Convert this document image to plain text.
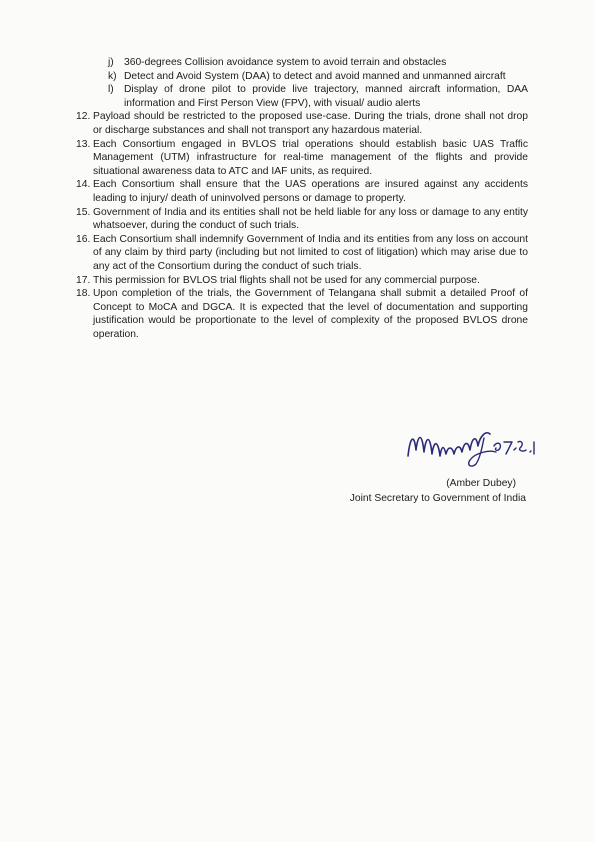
j) 360-degrees Collision avoidance system to avoid terrain and obstacles
k) Detect and Avoid System (DAA) to detect and avoid manned and unmanned aircraft
l) Display of drone pilot to provide live trajectory, manned aircraft information, DAA information and First Person View (FPV), with visual/ audio alerts
12. Payload should be restricted to the proposed use-case. During the trials, drone shall not drop or discharge substances and shall not transport any hazardous material.
13. Each Consortium engaged in BVLOS trial operations should establish basic UAS Traffic Management (UTM) infrastructure for real-time management of the flights and provide situational awareness data to ATC and IAF units, as required.
14. Each Consortium shall ensure that the UAS operations are insured against any accidents leading to injury/ death of uninvolved persons or damage to property.
15. Government of India and its entities shall not be held liable for any loss or damage to any entity whatsoever, during the conduct of such trials.
16. Each Consortium shall indemnify Government of India and its entities from any loss on account of any claim by third party (including but not limited to cost of litigation) which may arise due to any act of the Consortium during the conduct of such trials.
17. This permission for BVLOS trial flights shall not be used for any commercial purpose.
18. Upon completion of the trials, the Government of Telangana shall submit a detailed Proof of Concept to MoCA and DGCA. It is expected that the level of documentation and supporting justification would be proportionate to the level of complexity of the proposed BVLOS drone operation.
(Amber Dubey)
Joint Secretary to Government of India
